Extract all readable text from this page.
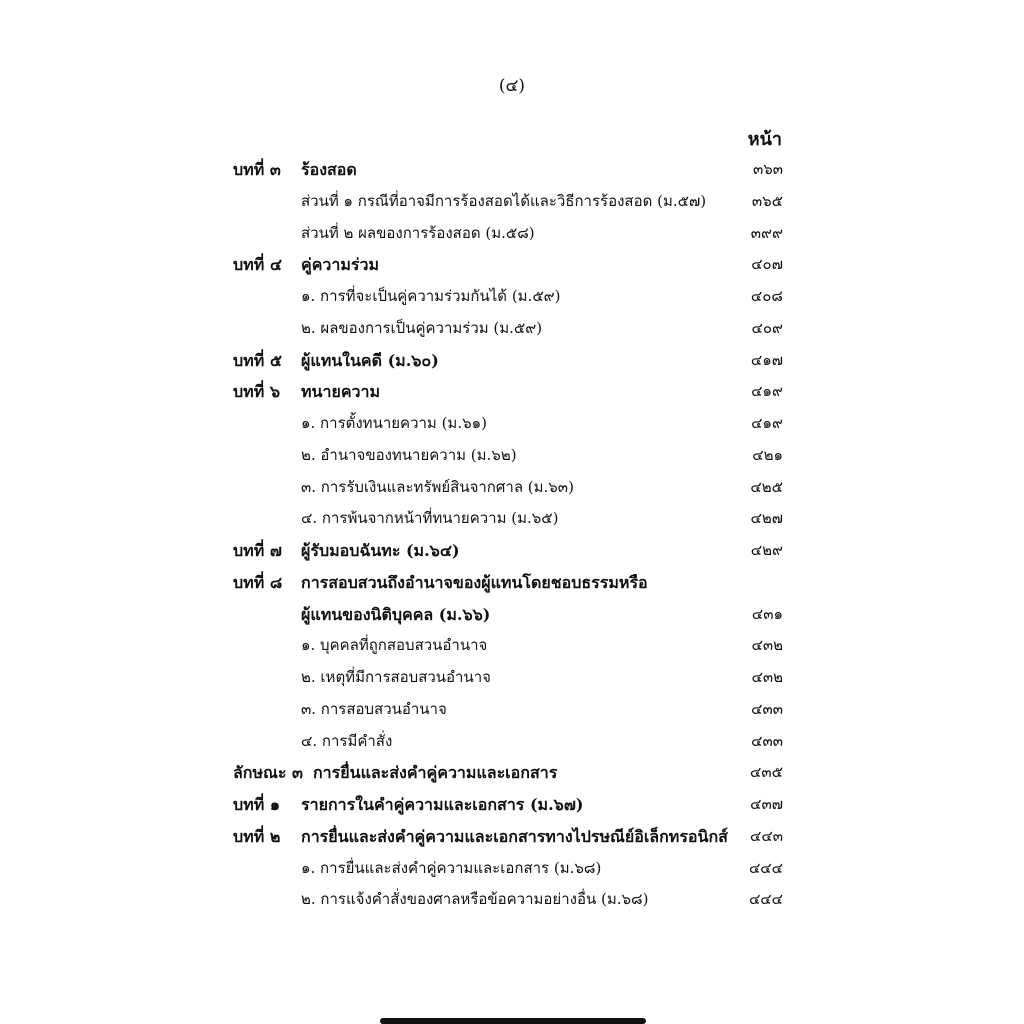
(๔)
หน้า
บทที่ ๓	ร้องสอด	๓๖๓
ส่วนที่ ๑ กรณีที่อาจมีการร้องสอดได้และวิธีการร้องสอด (ม.๕๗)	๓๖๕
ส่วนที่ ๒ ผลของการร้องสอด (ม.๕๘)	๓๙๙
บทที่ ๔	คู่ความร่วม	๔๐๗
๑. การที่จะเป็นคู่ความร่วมกันได้ (ม.๕๙)	๔๐๘
๒. ผลของการเป็นคู่ความร่วม (ม.๕๙)	๔๐๙
บทที่ ๕	ผู้แทนในคดี (ม.๖๐)	๔๑๗
บทที่ ๖	ทนายความ	๔๑๙
๑. การตั้งทนายความ (ม.๖๑)	๔๑๙
๒. อำนาจของทนายความ (ม.๖๒)	๔๒๑
๓. การรับเงินและทรัพย์สินจากศาล (ม.๖๓)	๔๒๕
๔. การพ้นจากหน้าที่ทนายความ (ม.๖๕)	๔๒๗
บทที่ ๗	ผู้รับมอบฉันทะ (ม.๖๔)	๔๒๙
บทที่ ๘	การสอบสวนถึงอำนาจของผู้แทนโดยชอบธรรมหรือ
ผู้แทนของนิติบุคคล (ม.๖๖)	๔๓๑
๑. บุคคลที่ถูกสอบสวนอำนาจ	๔๓๒
๒. เหตุที่มีการสอบสวนอำนาจ	๔๓๒
๓. การสอบสวนอำนาจ	๔๓๓
๔. การมีคำสั่ง	๔๓๓
ลักษณะ ๓ การยื่นและส่งคำคู่ความและเอกสาร	๔๓๕
บทที่ ๑	รายการในคำคู่ความและเอกสาร (ม.๖๗)	๔๓๗
บทที่ ๒	การยื่นและส่งคำคู่ความและเอกสารทางไปรษณีย์อิเล็กทรอนิกส์	๔๔๓
๑. การยื่นและส่งคำคู่ความและเอกสาร (ม.๖๘)	๔๔๔
๒. การแจ้งคำสั่งของศาลหรือข้อความอย่างอื่น (ม.๖๘)	๔๔๔
